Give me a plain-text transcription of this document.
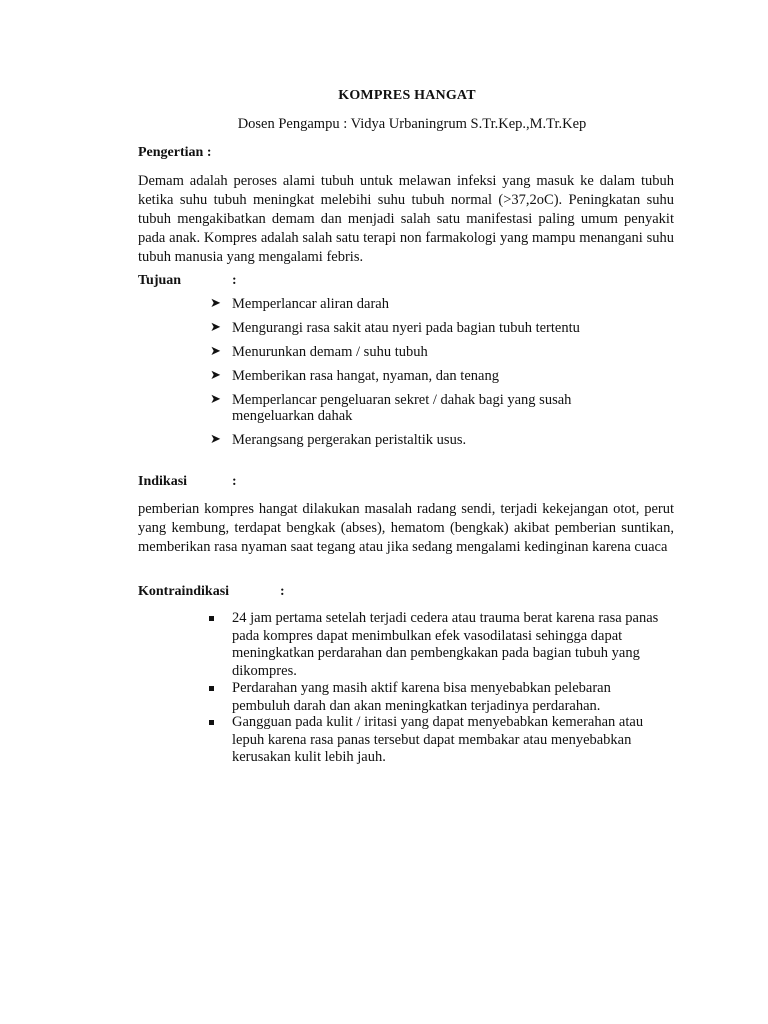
KOMPRES HANGAT
Dosen Pengampu : Vidya Urbaningrum S.Tr.Kep.,M.Tr.Kep
Pengertian :
Demam adalah peroses alami tubuh untuk melawan infeksi yang masuk ke dalam tubuh ketika suhu tubuh meningkat melebihi suhu tubuh normal (>37,2oC). Peningkatan suhu tubuh mengakibatkan demam dan menjadi salah satu manifestasi paling umum penyakit pada anak. Kompres adalah salah satu terapi non farmakologi yang mampu menangani suhu tubuh manusia yang mengalami febris.
Tujuan	:
➤ Memperlancar aliran darah
➤ Mengurangi rasa sakit atau nyeri pada bagian tubuh tertentu
➤ Menurunkan demam / suhu tubuh
➤ Memberikan rasa hangat, nyaman, dan tenang
➤ Memperlancar pengeluaran sekret / dahak bagi yang susah mengeluarkan dahak
➤ Merangsang pergerakan peristaltik usus.
Indikasi	:
pemberian kompres hangat dilakukan masalah radang sendi, terjadi kekejangan otot, perut yang kembung, terdapat bengkak (abses), hematom (bengkak) akibat pemberian suntikan, memberikan rasa nyaman saat tegang atau jika sedang mengalami kedinginan karena cuaca
Kontraindikasi	:
24 jam pertama setelah terjadi cedera atau trauma berat karena rasa panas pada kompres dapat menimbulkan efek vasodilatasi sehingga dapat meningkatkan perdarahan dan pembengkakan pada bagian tubuh yang dikompres.
Perdarahan yang masih aktif karena bisa menyebabkan pelebaran pembuluh darah dan akan meningkatkan terjadinya perdarahan.
Gangguan pada kulit / iritasi yang dapat menyebabkan kemerahan atau lepuh karena rasa panas tersebut dapat membakar atau menyebabkan kerusakan kulit lebih jauh.
